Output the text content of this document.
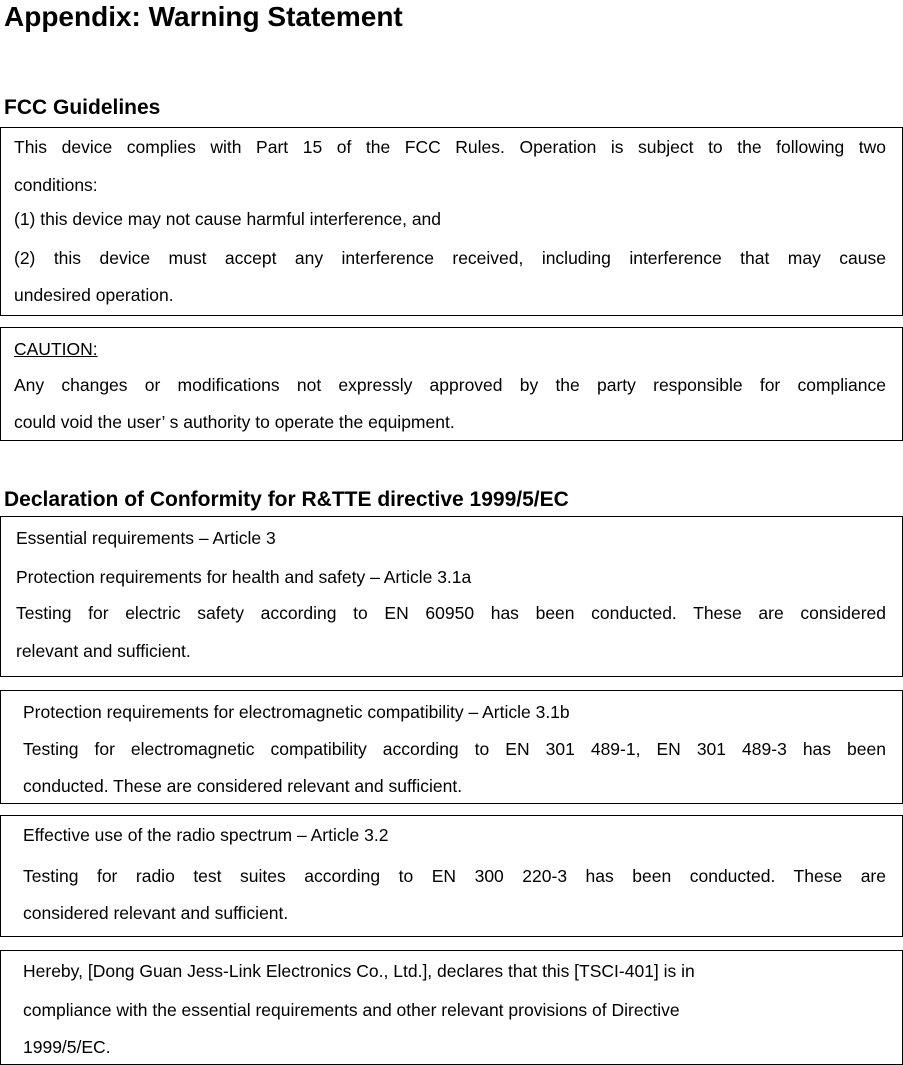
Appendix: Warning Statement
FCC Guidelines
This device complies with Part 15 of the FCC Rules. Operation is subject to the following two
conditions:
(1) this device may not cause harmful interference, and
(2) this device must accept any interference received, including interference that may cause
undesired operation.
CAUTION:
Any changes or modifications not expressly approved by the party responsible for compliance
could void the user’ s authority to operate the equipment.
Declaration of Conformity for R&TTE directive 1999/5/EC
Essential requirements – Article 3
Protection requirements for health and safety – Article 3.1a
Testing for electric safety according to EN 60950 has been conducted. These are considered
relevant and sufficient.
Protection requirements for electromagnetic compatibility – Article 3.1b
Testing for electromagnetic compatibility according to EN 301 489-1, EN 301 489-3 has been
conducted. These are considered relevant and sufficient.
Effective use of the radio spectrum – Article 3.2
Testing for radio test suites according to EN 300 220-3 has been conducted. These are
considered relevant and sufficient.
Hereby, [Dong Guan Jess-Link Electronics Co., Ltd.], declares that this [TSCI-401] is in
compliance with the essential requirements and other relevant provisions of Directive
1999/5/EC.
